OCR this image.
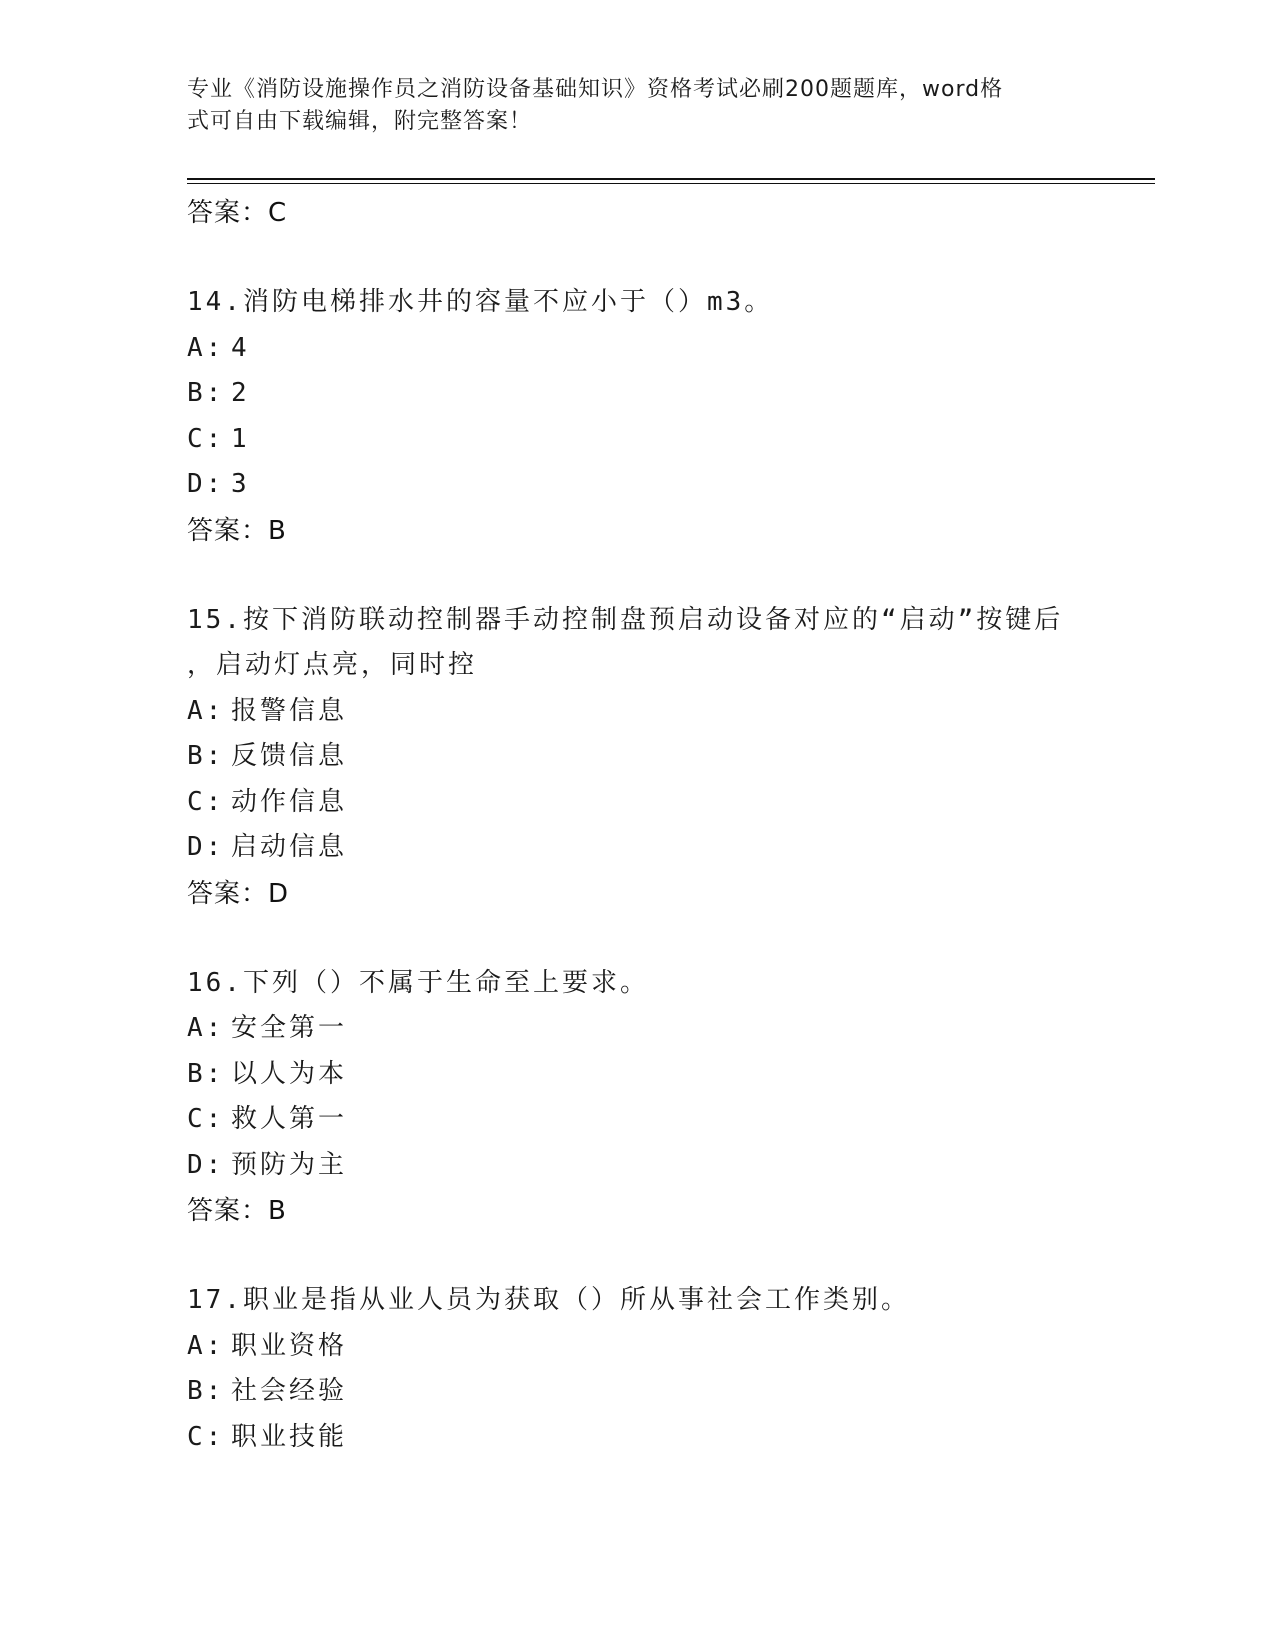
专业《消防设施操作员之消防设备基础知识》资格考试必刷200题题库，word格
式可自由下载编辑，附完整答案！
答案：C
14.消防电梯排水井的容量不应小于（）m3。
A: 4
B: 2
C: 1
D: 3
答案：B
15.按下消防联动控制器手动控制盘预启动设备对应的“启动”按键后
，启动灯点亮，同时控
A: 报警信息
B: 反馈信息
C: 动作信息
D: 启动信息
答案：D
16.下列（）不属于生命至上要求。
A: 安全第一
B: 以人为本
C: 救人第一
D: 预防为主
答案：B
17.职业是指从业人员为获取（）所从事社会工作类别。
A: 职业资格
B: 社会经验
C: 职业技能
